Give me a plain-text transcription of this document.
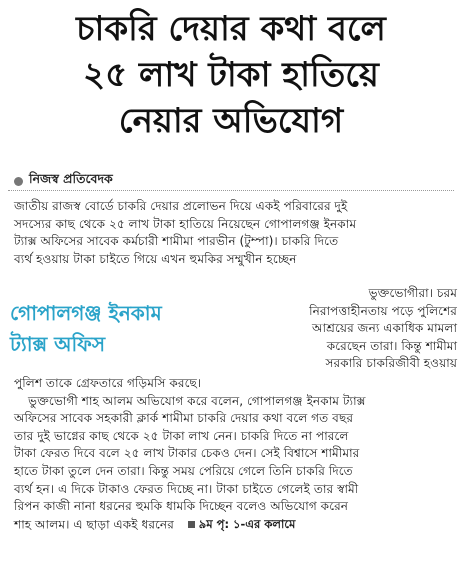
চাকরি দেয়ার কথা বলে
২৫ লাখ টাকা হাতিয়ে
নেয়ার অভিযোগ
নিজস্ব প্রতিবেদক
জাতীয় রাজস্ব বোর্ডে চাকরি দেয়ার প্রলোভন দিয়ে একই পরিবারের দুই
সদস্যের কাছ থেকে ২৫ লাখ টাকা হাতিয়ে নিয়েছেন গোপালগঞ্জ ইনকাম
ট্যাক্স অফিসের সাবেক কর্মচারী শামীমা পারভীন (টুম্পা)। চাকরি দিতে
ব্যর্থ হওয়ায় টাকা চাইতে গিয়ে এখন হুমকির সম্মুখীন হচ্ছেন
গোপালগঞ্জ ইনকাম
ট্যাক্স অফিস
ভুক্তভোগীরা। চরম
নিরাপত্তাহীনতায় পড়ে পুলিশের
আশ্রয়ের জন্য একাধিক মামলা
করেছেন তারা। কিন্তু শামীমা
সরকারি চাকরিজীবী হওয়ায়
পুলিশ তাকে গ্রেফতারে গড়িমসি করছে।
ভুক্তভোগী শাহ আলম অভিযোগ করে বলেন, গোপালগঞ্জ ইনকাম ট্যাক্স
অফিসের সাবেক সহকারী ক্লার্ক শামীমা চাকরি দেয়ার কথা বলে গত বছর
তার দুই ভাগ্নের কাছ থেকে ২৫ টাকা লাখ নেন। চাকরি দিতে না পারলে
টাকা ফেরত দিবে বলে ২৫ লাখ টাকার চেকও দেন। সেই বিশ্বাসে শামীমার
হাতে টাকা তুলে দেন তারা। কিন্তু সময় পেরিয়ে গেলে তিনি চাকরি দিতে
ব্যর্থ হন। এ দিকে টাকাও ফেরত দিচ্ছে না। টাকা চাইতে গেলেই তার স্বামী
রিপন কাজী নানা ধরনের হুমকি ধামকি দিচ্ছেন বলেও অভিযোগ করেন
শাহ আলম। এ ছাড়া একই ধরনের ৯ম পৃ: ১-এর কলামে
